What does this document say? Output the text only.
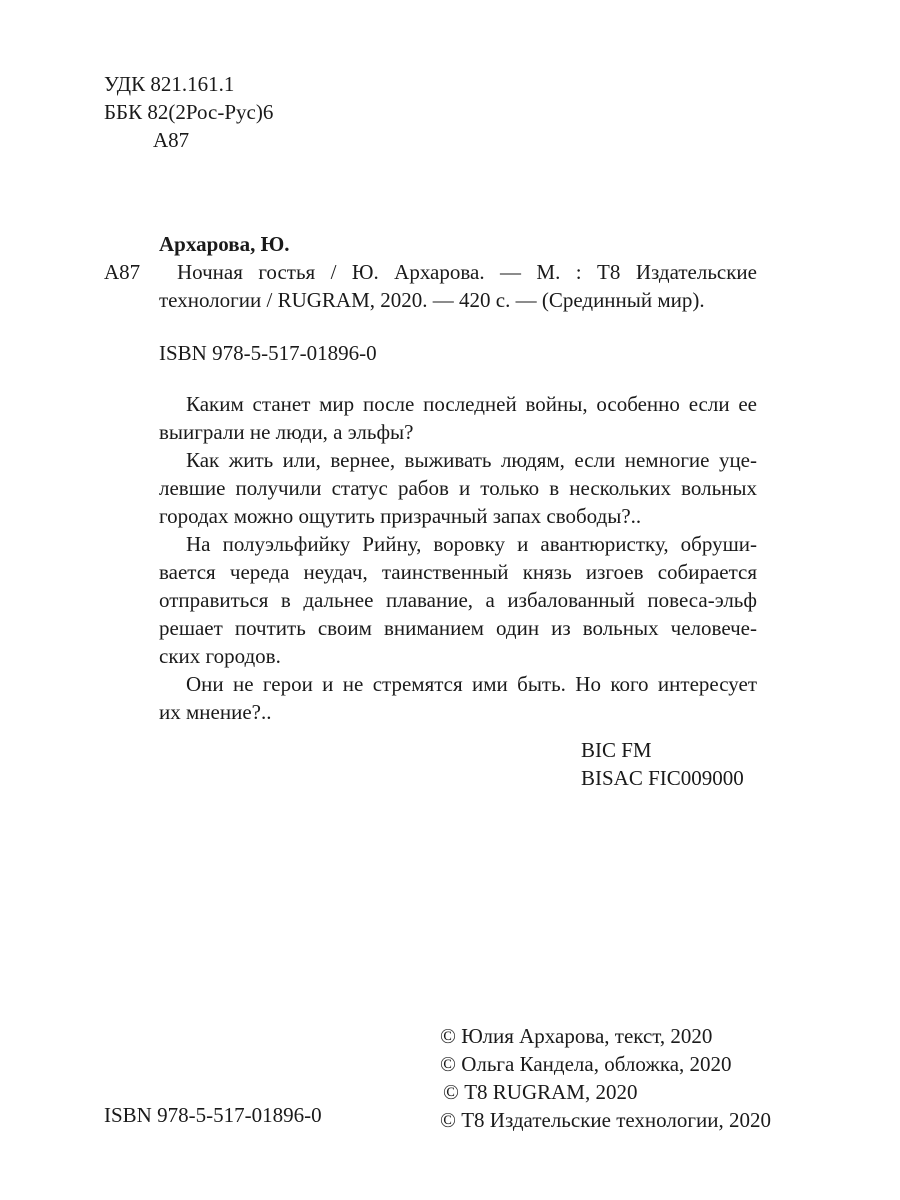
УДК 821.161.1
ББК 82(2Рос-Рус)6
А87
Архарова, Ю.
А87	Ночная гостья / Ю. Архарова. — М. : Т8 Издательские
технологии / RUGRAM, 2020. — 420 с. — (Срединный мир).
ISBN 978-5-517-01896-0
Каким станет мир после последней войны, особенно если ее
выиграли не люди, а эльфы?
Как жить или, вернее, выживать людям, если немногие уце-
левшие получили статус рабов и только в нескольких вольных
городах можно ощутить призрачный запах свободы?..
На полуэльфийку Рийну, воровку и авантюристку, обруши-
вается череда неудач, таинственный князь изгоев собирается
отправиться в дальнее плавание, а избалованный повеса-эльф
решает почтить своим вниманием один из вольных человече-
ских городов.
Они не герои и не стремятся ими быть. Но кого интересует
их мнение?..
BIC FM
BISAC FIC009000
© Юлия Архарова, текст, 2020
© Ольга Кандела, обложка, 2020
© Т8 RUGRAM, 2020
© Т8 Издательские технологии, 2020
ISBN 978-5-517-01896-0
